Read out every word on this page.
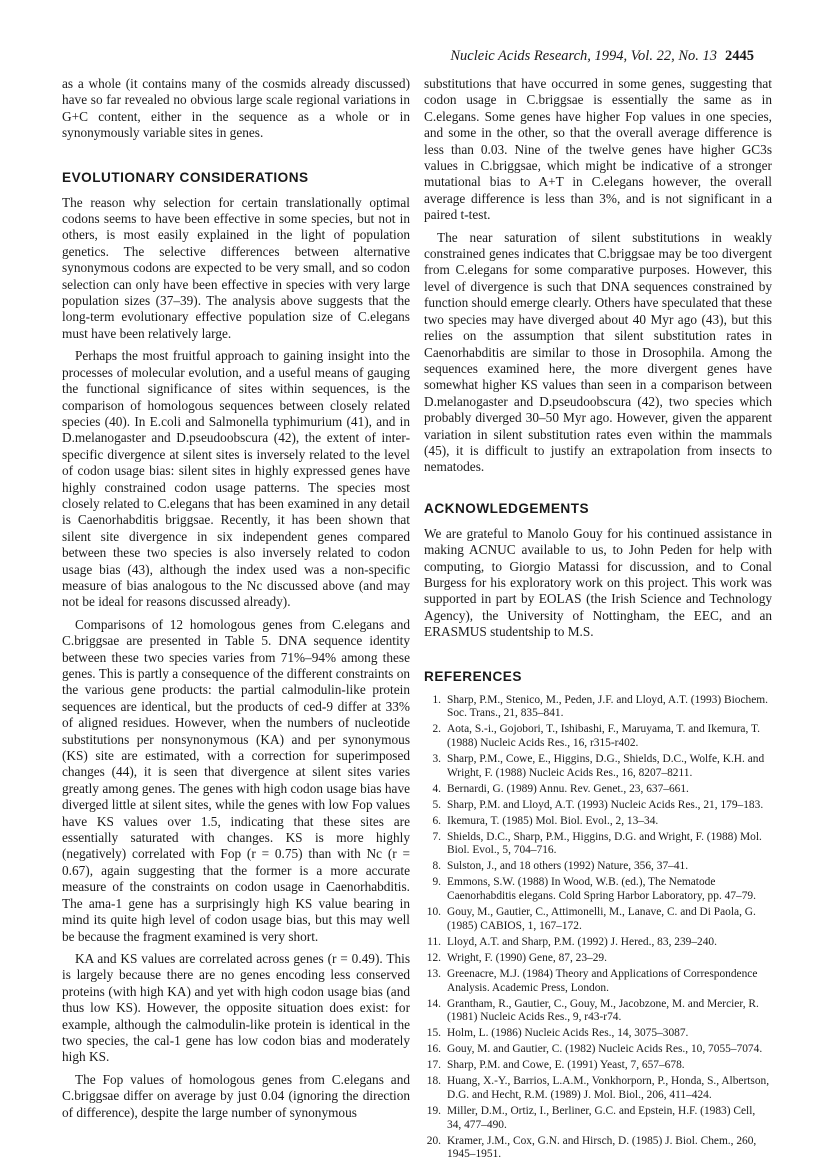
Nucleic Acids Research, 1994, Vol. 22, No. 13 2445

as a whole (it contains many of the cosmids already discussed) have so far revealed no obvious large scale regional variations in G+C content, either in the sequence as a whole or in synonymously variable sites in genes.

EVOLUTIONARY CONSIDERATIONS

The reason why selection for certain translationally optimal codons seems to have been effective in some species, but not in others, is most easily explained in the light of population genetics. The selective differences between alternative synonymous codons are expected to be very small, and so codon selection can only have been effective in species with very large population sizes (37–39). The analysis above suggests that the long-term evolutionary effective population size of C.elegans must have been relatively large.

Perhaps the most fruitful approach to gaining insight into the processes of molecular evolution, and a useful means of gauging the functional significance of sites within sequences, is the comparison of homologous sequences between closely related species (40). In E.coli and Salmonella typhimurium (41), and in D.melanogaster and D.pseudoobscura (42), the extent of inter-specific divergence at silent sites is inversely related to the level of codon usage bias: silent sites in highly expressed genes have highly constrained codon usage patterns. The species most closely related to C.elegans that has been examined in any detail is Caenorhabditis briggsae. Recently, it has been shown that silent site divergence in six independent genes compared between these two species is also inversely related to codon usage bias (43), although the index used was a non-specific measure of bias analogous to the Nc discussed above (and may not be ideal for reasons discussed already).

Comparisons of 12 homologous genes from C.elegans and C.briggsae are presented in Table 5. DNA sequence identity between these two species varies from 71%–94% among these genes. This is partly a consequence of the different constraints on the various gene products: the partial calmodulin-like protein sequences are identical, but the products of ced-9 differ at 33% of aligned residues. However, when the numbers of nucleotide substitutions per nonsynonymous (KA) and per synonymous (KS) site are estimated, with a correction for superimposed changes (44), it is seen that divergence at silent sites varies greatly among genes. The genes with high codon usage bias have diverged little at silent sites, while the genes with low Fop values have KS values over 1.5, indicating that these sites are essentially saturated with changes. KS is more highly (negatively) correlated with Fop (r = 0.75) than with Nc (r = 0.67), again suggesting that the former is a more accurate measure of the constraints on codon usage in Caenorhabditis. The ama-1 gene has a surprisingly high KS value bearing in mind its quite high level of codon usage bias, but this may well be because the fragment examined is very short.

KA and KS values are correlated across genes (r = 0.49). This is largely because there are no genes encoding less conserved proteins (with high KA) and yet with high codon usage bias (and thus low KS). However, the opposite situation does exist: for example, although the calmodulin-like protein is identical in the two species, the cal-1 gene has low codon bias and moderately high KS.

The Fop values of homologous genes from C.elegans and C.briggsae differ on average by just 0.04 (ignoring the direction of difference), despite the large number of synonymous

substitutions that have occurred in some genes, suggesting that codon usage in C.briggsae is essentially the same as in C.elegans. Some genes have higher Fop values in one species, and some in the other, so that the overall average difference is less than 0.03. Nine of the twelve genes have higher GC3s values in C.briggsae, which might be indicative of a stronger mutational bias to A+T in C.elegans however, the overall average difference is less than 3%, and is not significant in a paired t-test.

The near saturation of silent substitutions in weakly constrained genes indicates that C.briggsae may be too divergent from C.elegans for some comparative purposes. However, this level of divergence is such that DNA sequences constrained by function should emerge clearly. Others have speculated that these two species may have diverged about 40 Myr ago (43), but this relies on the assumption that silent substitution rates in Caenorhabditis are similar to those in Drosophila. Among the sequences examined here, the more divergent genes have somewhat higher KS values than seen in a comparison between D.melanogaster and D.pseudoobscura (42), two species which probably diverged 30–50 Myr ago. However, given the apparent variation in silent substitution rates even within the mammals (45), it is difficult to justify an extrapolation from insects to nematodes.

ACKNOWLEDGEMENTS

We are grateful to Manolo Gouy for his continued assistance in making ACNUC available to us, to John Peden for help with computing, to Giorgio Matassi for discussion, and to Conal Burgess for his exploratory work on this project. This work was supported in part by EOLAS (the Irish Science and Technology Agency), the University of Nottingham, the EEC, and an ERASMUS studentship to M.S.

REFERENCES
1. Sharp, P.M., Stenico, M., Peden, J.F. and Lloyd, A.T. (1993) Biochem. Soc. Trans., 21, 835–841.
2. Aota, S.-i., Gojobori, T., Ishibashi, F., Maruyama, T. and Ikemura, T. (1988) Nucleic Acids Res., 16, r315-r402.
3. Sharp, P.M., Cowe, E., Higgins, D.G., Shields, D.C., Wolfe, K.H. and Wright, F. (1988) Nucleic Acids Res., 16, 8207–8211.
4. Bernardi, G. (1989) Annu. Rev. Genet., 23, 637–661.
5. Sharp, P.M. and Lloyd, A.T. (1993) Nucleic Acids Res., 21, 179–183.
6. Ikemura, T. (1985) Mol. Biol. Evol., 2, 13–34.
7. Shields, D.C., Sharp, P.M., Higgins, D.G. and Wright, F. (1988) Mol. Biol. Evol., 5, 704–716.
8. Sulston, J., and 18 others (1992) Nature, 356, 37–41.
9. Emmons, S.W. (1988) In Wood, W.B. (ed.), The Nematode Caenorhabditis elegans. Cold Spring Harbor Laboratory, pp. 47–79.
10. Gouy, M., Gautier, C., Attimonelli, M., Lanave, C. and Di Paola, G. (1985) CABIOS, 1, 167–172.
11. Lloyd, A.T. and Sharp, P.M. (1992) J. Hered., 83, 239–240.
12. Wright, F. (1990) Gene, 87, 23–29.
13. Greenacre, M.J. (1984) Theory and Applications of Correspondence Analysis. Academic Press, London.
14. Grantham, R., Gautier, C., Gouy, M., Jacobzone, M. and Mercier, R. (1981) Nucleic Acids Res., 9, r43-r74.
15. Holm, L. (1986) Nucleic Acids Res., 14, 3075–3087.
16. Gouy, M. and Gautier, C. (1982) Nucleic Acids Res., 10, 7055–7074.
17. Sharp, P.M. and Cowe, E. (1991) Yeast, 7, 657–678.
18. Huang, X.-Y., Barrios, L.A.M., Vonkhorporn, P., Honda, S., Albertson, D.G. and Hecht, R.M. (1989) J. Mol. Biol., 206, 411–424.
19. Miller, D.M., Ortiz, I., Berliner, G.C. and Epstein, H.F. (1983) Cell, 34, 477–490.
20. Kramer, J.M., Cox, G.N. and Hirsch, D. (1985) J. Biol. Chem., 260, 1945–1951.
